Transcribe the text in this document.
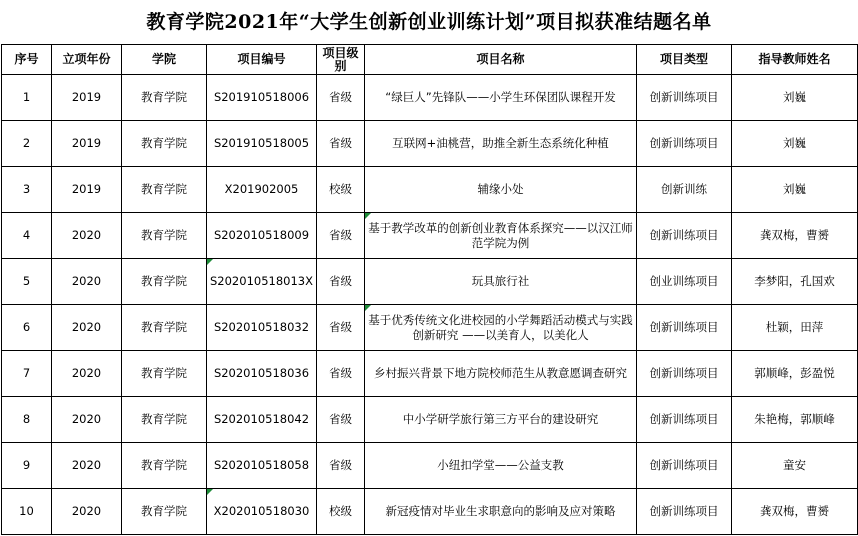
教育学院2021年“大学生创新创业训练计划”项目拟获准结题名单
序号	立项年份	学院	项目编号	项目级别	项目名称	项目类型	指导教师姓名
1	2019	教育学院	S201910518006	省级	“绿巨人”先锋队——小学生环保团队课程开发	创新训练项目	刘巍
2	2019	教育学院	S201910518005	省级	互联网+油桃营，助推全新生态系统化种植	创新训练项目	刘巍
3	2019	教育学院	X201902005	校级	辅缘小处	创新训练	刘巍
4	2020	教育学院	S202010518009	省级	基于教学改革的创新创业教育体系探究——以汉江师范学院为例	创新训练项目	龚双梅，曹赟
5	2020	教育学院	S202010518013X	省级	玩具旅行社	创业训练项目	李梦阳，孔国欢
6	2020	教育学院	S202010518032	省级	基于优秀传统文化进校园的小学舞蹈活动模式与实践创新研究 ——以美育人，以美化人	创新训练项目	杜颖，田萍
7	2020	教育学院	S202010518036	省级	乡村振兴背景下地方院校师范生从教意愿调查研究	创新训练项目	郭顺峰，彭盈悦
8	2020	教育学院	S202010518042	省级	中小学研学旅行第三方平台的建设研究	创新训练项目	朱艳梅，郭顺峰
9	2020	教育学院	S202010518058	省级	小纽扣学堂——公益支教	创新训练项目	童安
10	2020	教育学院	X202010518030	校级	新冠疫情对毕业生求职意向的影响及应对策略	创新训练项目	龚双梅，曹赟
